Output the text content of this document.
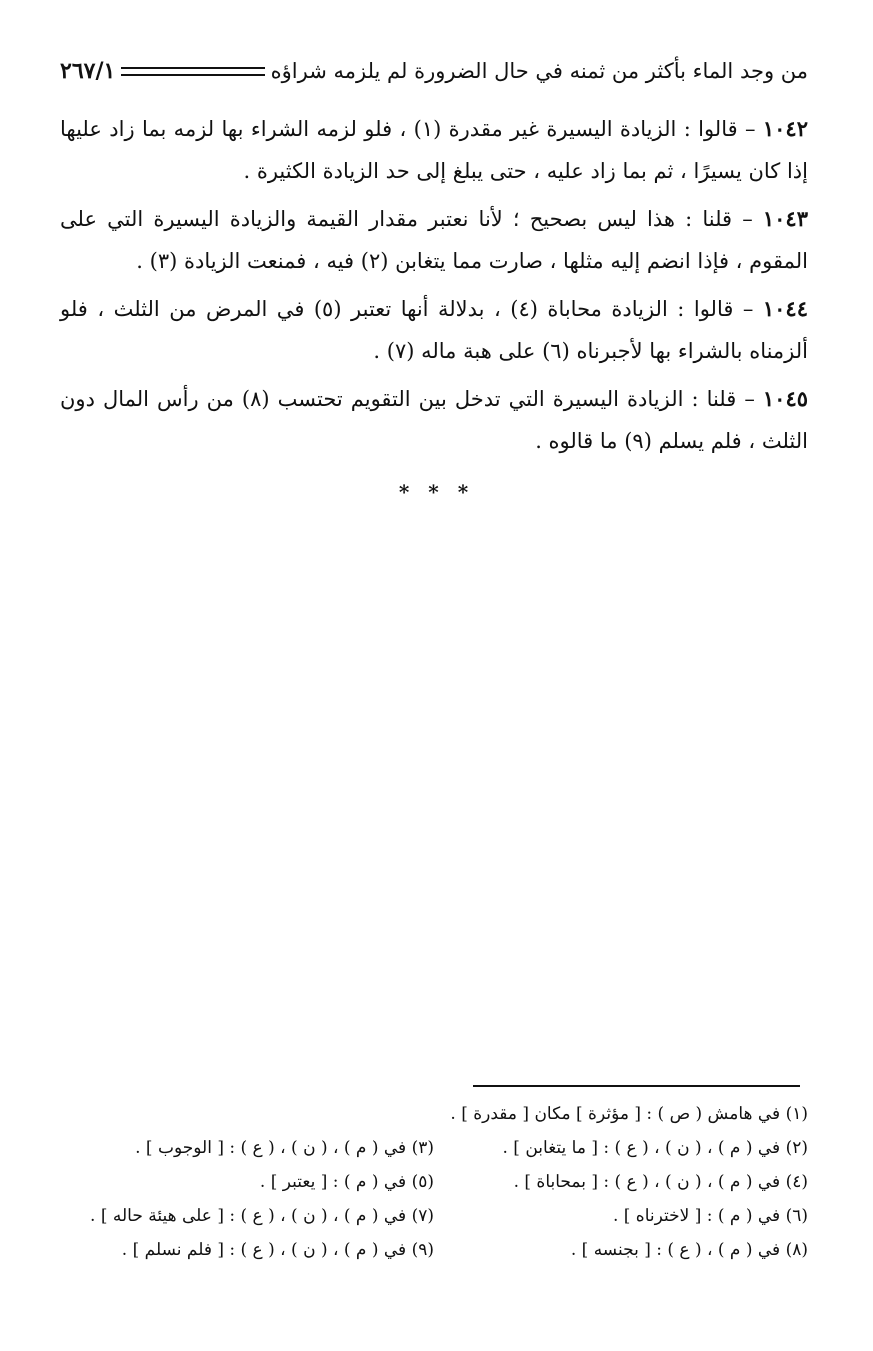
من وجد الماء بأكثر من ثمنه في حال الضرورة لم يلزمه شراؤه
٢٦٧/١

١٠٤٢ – قالوا : الزيادة اليسيرة غير مقدرة (١) ، فلو لزمه الشراء بها لزمه بما زاد عليها إذا كان يسيرًا ، ثم بما زاد عليه ، حتى يبلغ إلى حد الزيادة الكثيرة .

١٠٤٣ – قلنا : هذا ليس بصحيح ؛ لأنا نعتبر مقدار القيمة والزيادة اليسيرة التي على المقوم ، فإذا انضم إليه مثلها ، صارت مما يتغابن (٢) فيه ، فمنعت الزيادة (٣) .

١٠٤٤ – قالوا : الزيادة محاباة (٤) ، بدلالة أنها تعتبر (٥) في المرض من الثلث ، فلو ألزمناه بالشراء بها لأجبرناه (٦) على هبة ماله (٧) .

١٠٤٥ – قلنا : الزيادة اليسيرة التي تدخل بين التقويم تحتسب (٨) من رأس المال دون الثلث ، فلم يسلم (٩) ما قالوه .

* * *
(١) في هامش ( ص ) : [ مؤثرة ] مكان [ مقدرة ] .
(٢) في ( م ) ، ( ن ) ، ( ع ) : [ ما يتغابن ] .
(٣) في ( م ) ، ( ن ) ، ( ع ) : [ الوجوب ] .
(٤) في ( م ) ، ( ن ) ، ( ع ) : [ بمحاباة ] .
(٥) في ( م ) : [ يعتبر ] .
(٦) في ( م ) : [ لاخترناه ] .
(٧) في ( م ) ، ( ن ) ، ( ع ) : [ على هيئة حاله ] .
(٨) في ( م ) ، ( ع ) : [ بجنسه ] .
(٩) في ( م ) ، ( ن ) ، ( ع ) : [ فلم نسلم ] .
